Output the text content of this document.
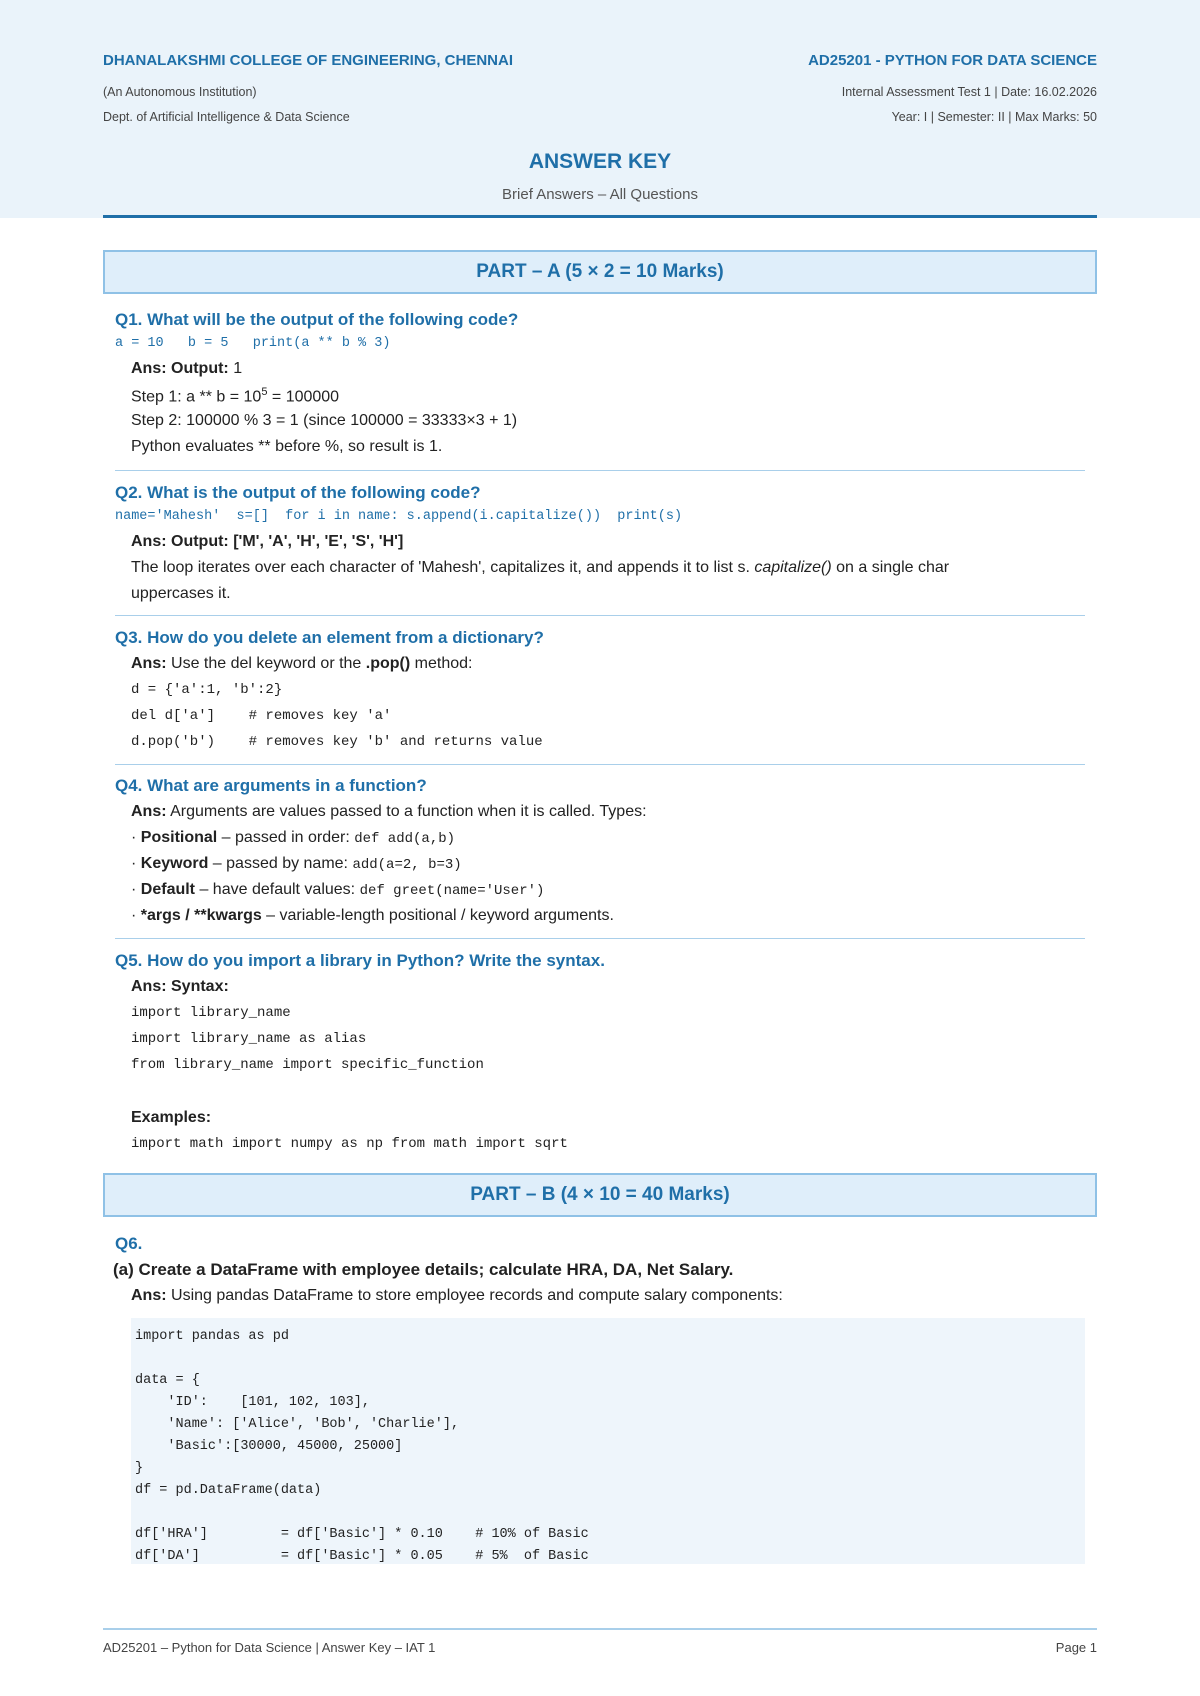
DHANALAKSHMI COLLEGE OF ENGINEERING, CHENNAI	AD25201 - PYTHON FOR DATA SCIENCE
(An Autonomous Institution)	Internal Assessment Test 1 | Date: 16.02.2026
Dept. of Artificial Intelligence & Data Science	Year: I | Semester: II | Max Marks: 50
ANSWER KEY
Brief Answers – All Questions
PART – A (5 × 2 = 10 Marks)
Q1. What will be the output of the following code?
a = 10   b = 5   print(a ** b % 3)
Ans: Output: 1
Step 1: $a ** b = 10^5 = 100000$
Step 2: 100000 % 3 = 1 (since 100000 = 33333×3 + 1)
Python evaluates ** before %, so result is 1.
Q2. What is the output of the following code?
name='Mahesh'  s=[]  for i in name: s.append(i.capitalize())  print(s)
Ans: Output: ['M', 'A', 'H', 'E', 'S', 'H']
The loop iterates over each character of 'Mahesh', capitalizes it, and appends it to list s. capitalize() on a single char
uppercases it.
Q3. How do you delete an element from a dictionary?
Ans: Use the del keyword or the .pop() method:
d = {'a':1, 'b':2}
del d['a']    # removes key 'a'
d.pop('b')    # removes key 'b' and returns value
Q4. What are arguments in a function?
Ans: Arguments are values passed to a function when it is called. Types:
· Positional – passed in order: def add(a,b)
· Keyword – passed by name: add(a=2, b=3)
· Default – have default values: def greet(name='User')
· *args / **kwargs – variable-length positional / keyword arguments.
Q5. How do you import a library in Python? Write the syntax.
Ans: Syntax:
import library_name
import library_name as alias
from library_name import specific_function
Examples:
import math import numpy as np from math import sqrt
PART – B (4 × 10 = 40 Marks)
Q6.
(a) Create a DataFrame with employee details; calculate HRA, DA, Net Salary.
Ans: Using pandas DataFrame to store employee records and compute salary components:
import pandas as pd

data = {
'ID':    [101, 102, 103],
'Name': ['Alice', 'Bob', 'Charlie'],
'Basic':[30000, 45000, 25000]
}
df = pd.DataFrame(data)

df['HRA']         = df['Basic'] * 0.10    # 10% of Basic
df['DA']          = df['Basic'] * 0.05    # 5%  of Basic
AD25201 – Python for Data Science | Answer Key – IAT 1	Page 1
